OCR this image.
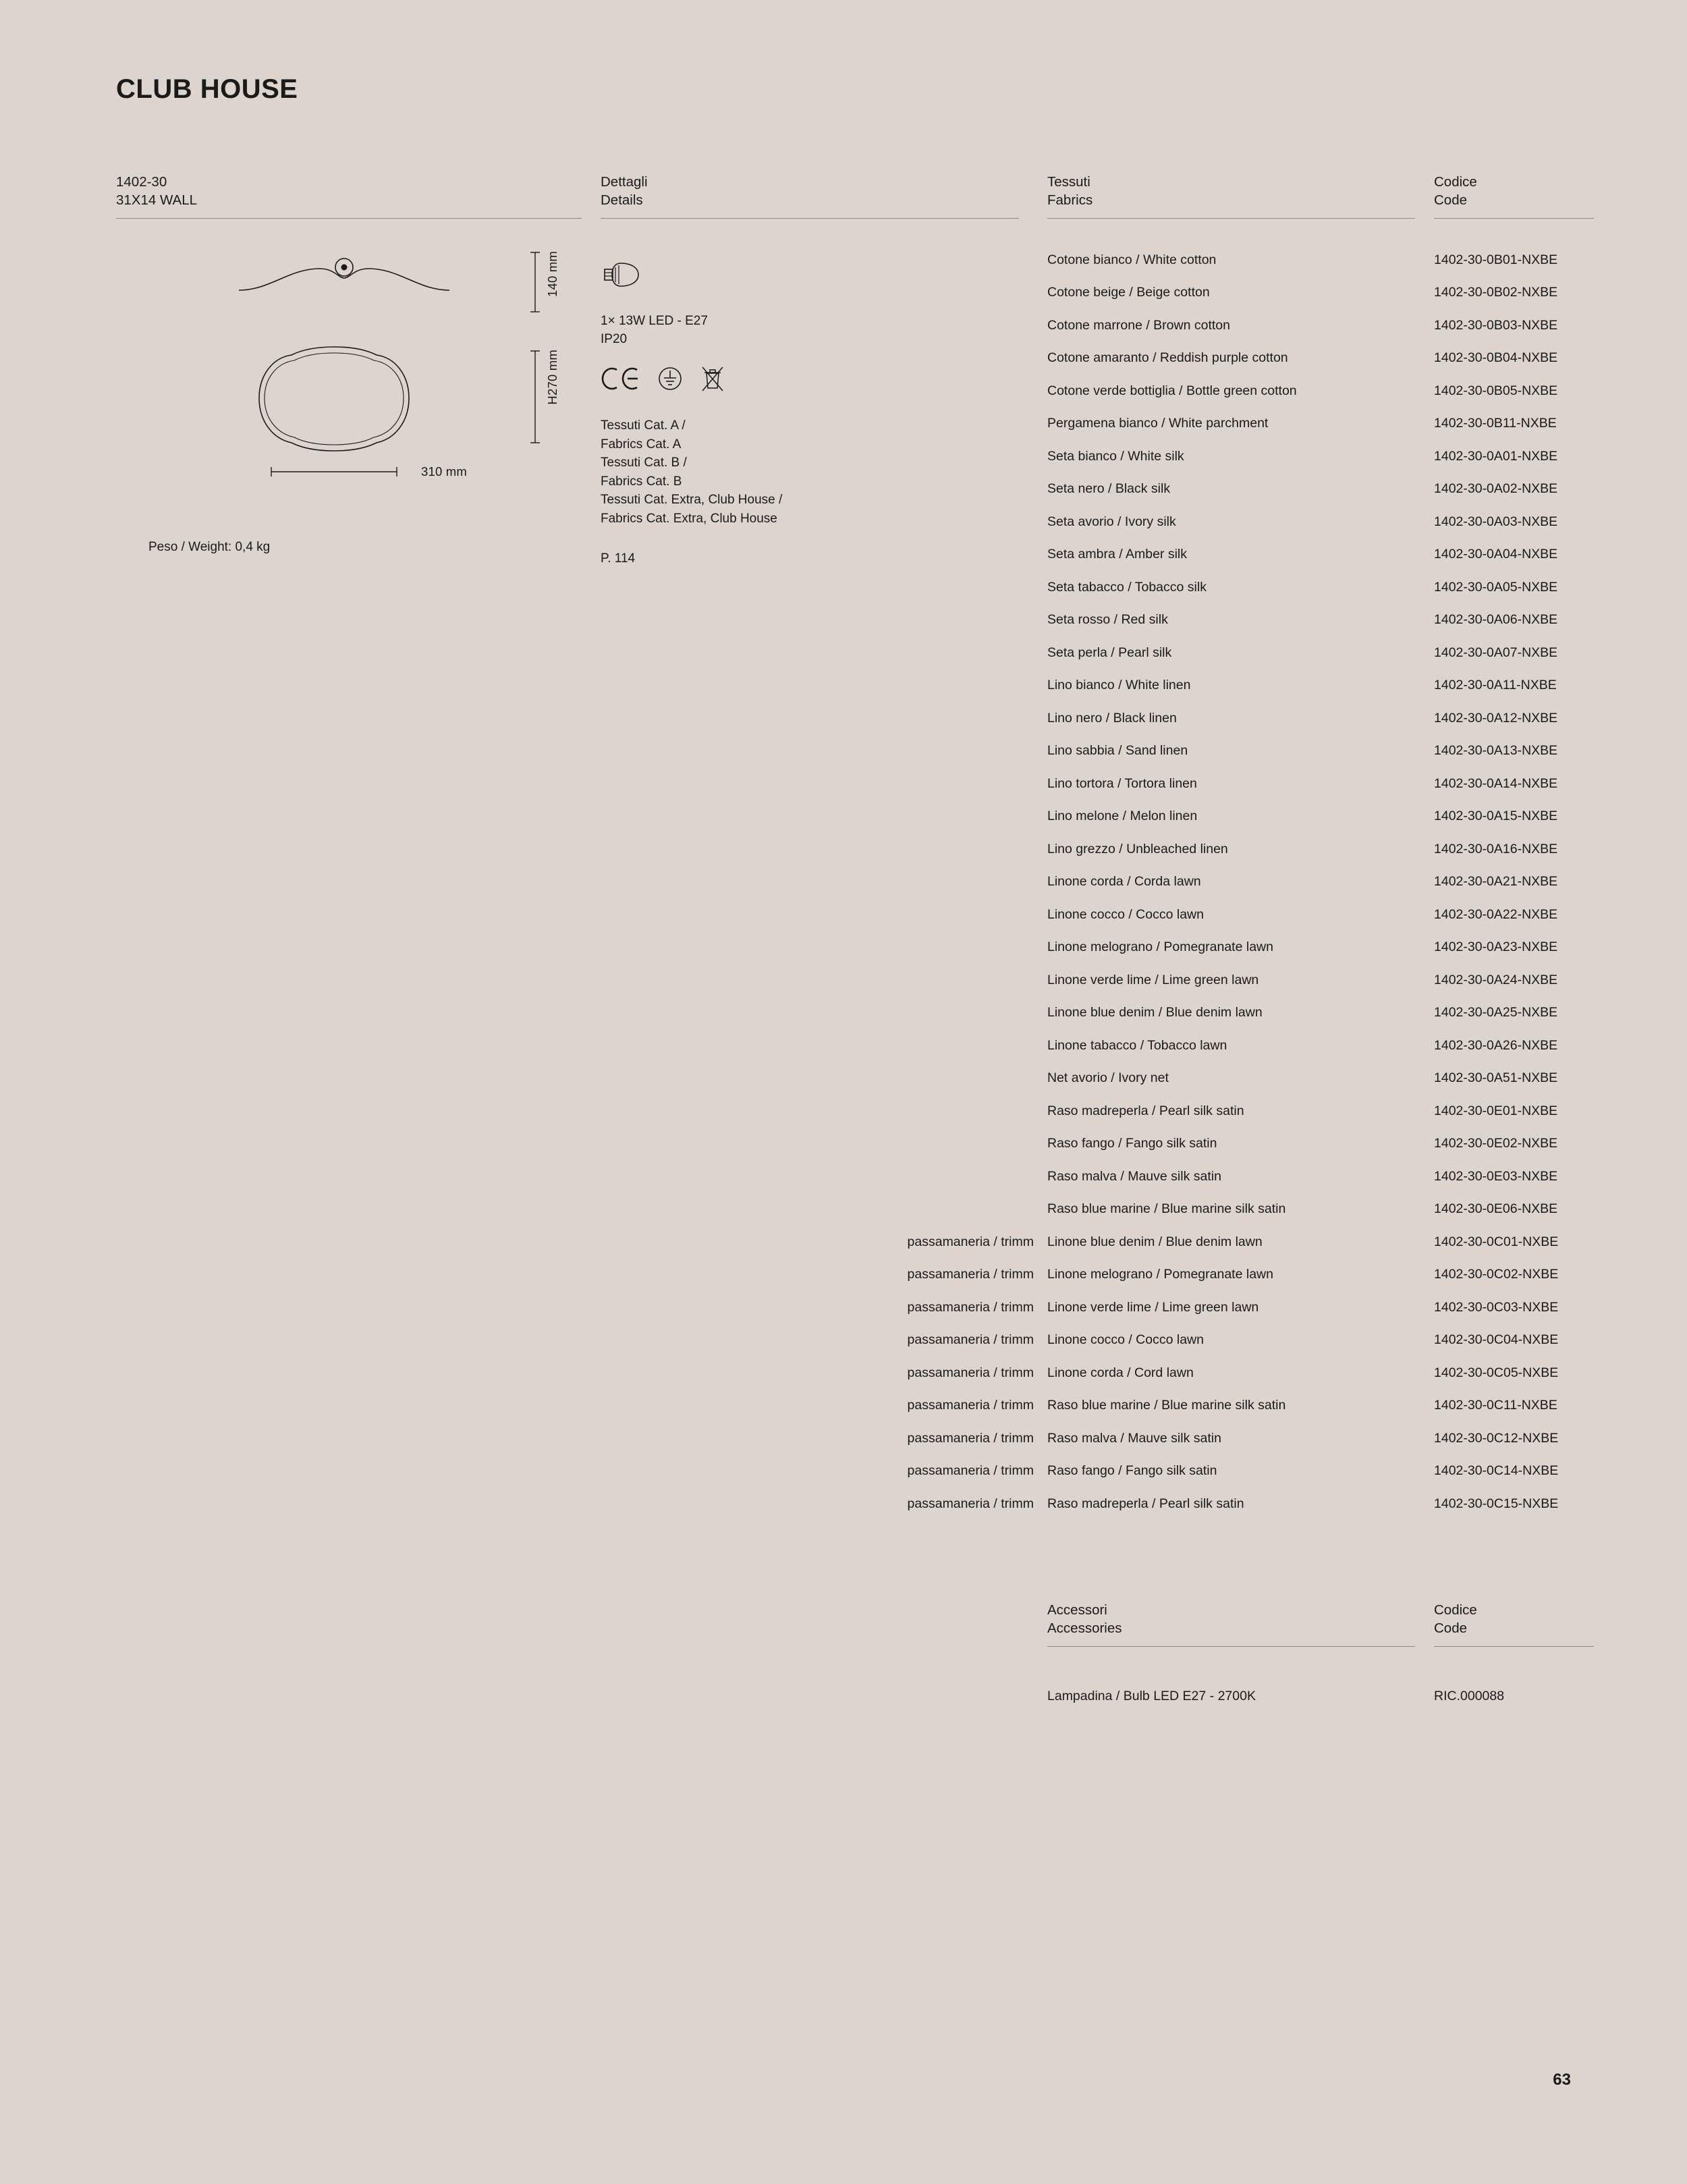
CLUB HOUSE
1402-30
31X14 WALL
140 mm
H270 mm
310 mm
Peso / Weight: 0,4 kg
Dettagli
Details
1× 13W LED - E27
IP20
Tessuti Cat. A /
Fabrics Cat. A
Tessuti Cat. B /
Fabrics Cat. B
Tessuti Cat. Extra, Club House /
Fabrics Cat. Extra, Club House
P. 114
Tessuti
Fabrics
Codice
Code
Cotone bianco / White cotton	1402-30-0B01-NXBE
Cotone beige / Beige cotton	1402-30-0B02-NXBE
Cotone marrone / Brown cotton	1402-30-0B03-NXBE
Cotone amaranto / Reddish purple cotton	1402-30-0B04-NXBE
Cotone verde bottiglia / Bottle green cotton	1402-30-0B05-NXBE
Pergamena bianco / White parchment	1402-30-0B11-NXBE
Seta bianco / White silk	1402-30-0A01-NXBE
Seta nero / Black silk	1402-30-0A02-NXBE
Seta avorio / Ivory silk	1402-30-0A03-NXBE
Seta ambra / Amber silk	1402-30-0A04-NXBE
Seta tabacco / Tobacco silk	1402-30-0A05-NXBE
Seta rosso / Red silk	1402-30-0A06-NXBE
Seta perla / Pearl silk	1402-30-0A07-NXBE
Lino bianco / White linen	1402-30-0A11-NXBE
Lino nero / Black linen	1402-30-0A12-NXBE
Lino sabbia / Sand linen	1402-30-0A13-NXBE
Lino tortora / Tortora linen	1402-30-0A14-NXBE
Lino melone / Melon linen	1402-30-0A15-NXBE
Lino grezzo / Unbleached linen	1402-30-0A16-NXBE
Linone corda / Corda lawn	1402-30-0A21-NXBE
Linone cocco / Cocco lawn	1402-30-0A22-NXBE
Linone melograno / Pomegranate lawn	1402-30-0A23-NXBE
Linone verde lime / Lime green lawn	1402-30-0A24-NXBE
Linone blue denim / Blue denim lawn	1402-30-0A25-NXBE
Linone tabacco / Tobacco lawn	1402-30-0A26-NXBE
Net avorio / Ivory net	1402-30-0A51-NXBE
Raso madreperla / Pearl silk satin	1402-30-0E01-NXBE
Raso fango / Fango silk satin	1402-30-0E02-NXBE
Raso malva / Mauve silk satin	1402-30-0E03-NXBE
Raso blue marine / Blue marine silk satin	1402-30-0E06-NXBE
passamaneria / trimm Linone blue denim / Blue denim lawn	1402-30-0C01-NXBE
passamaneria / trimm Linone melograno / Pomegranate lawn	1402-30-0C02-NXBE
passamaneria / trimm Linone verde lime / Lime green lawn	1402-30-0C03-NXBE
passamaneria / trimm Linone cocco / Cocco lawn	1402-30-0C04-NXBE
passamaneria / trimm Linone corda / Cord lawn	1402-30-0C05-NXBE
passamaneria / trimm Raso blue marine / Blue marine silk satin	1402-30-0C11-NXBE
passamaneria / trimm Raso malva / Mauve silk satin	1402-30-0C12-NXBE
passamaneria / trimm Raso fango / Fango silk satin	1402-30-0C14-NXBE
passamaneria / trimm Raso madreperla / Pearl silk satin	1402-30-0C15-NXBE
Accessori
Accessories
Codice
Code
Lampadina / Bulb LED E27 - 2700K	RIC.000088
63
